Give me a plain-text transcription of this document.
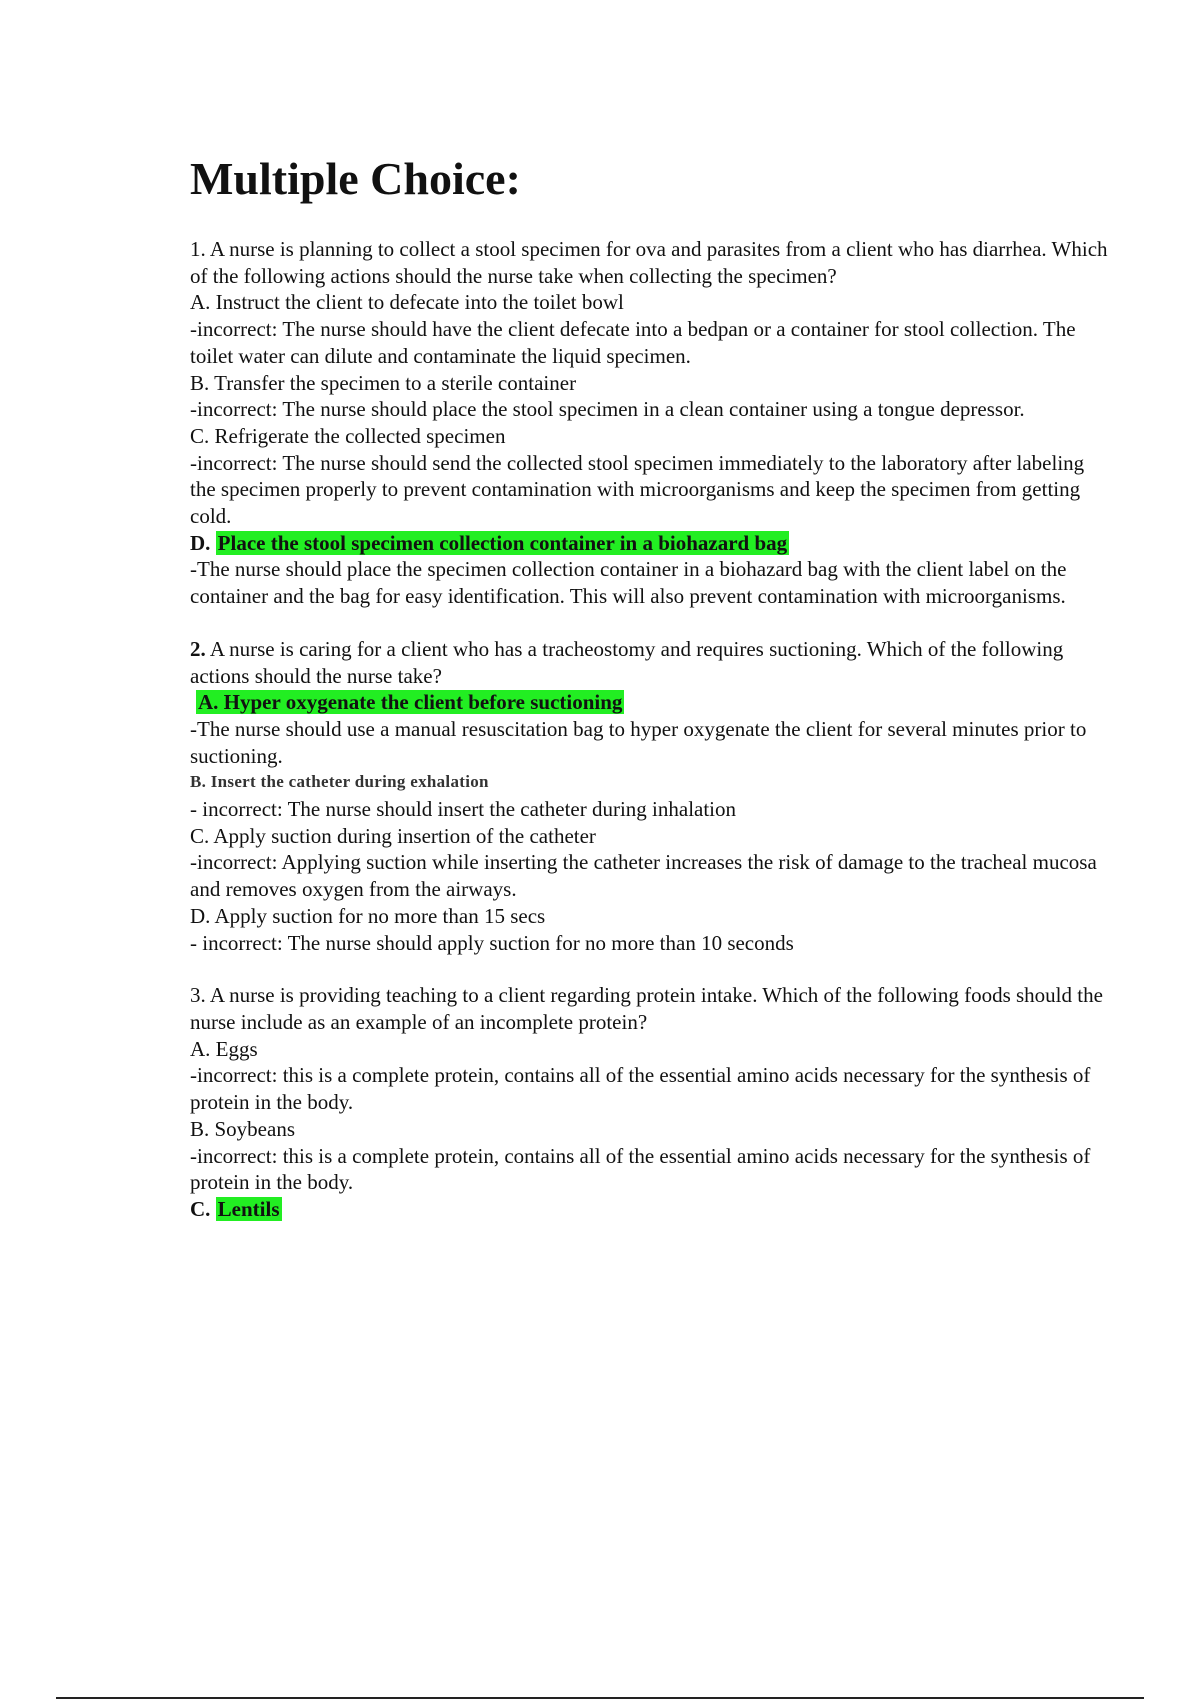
Multiple Choice:
1. A nurse is planning to collect a stool specimen for ova and parasites from a client who has diarrhea. Which of the following actions should the nurse take when collecting the specimen?
A. Instruct the client to defecate into the toilet bowl
-incorrect: The nurse should have the client defecate into a bedpan or a container for stool collection. The toilet water can dilute and contaminate the liquid specimen.
B. Transfer the specimen to a sterile container
-incorrect: The nurse should place the stool specimen in a clean container using a tongue depressor.
C. Refrigerate the collected specimen
-incorrect: The nurse should send the collected stool specimen immediately to the laboratory after labeling the specimen properly to prevent contamination with microorganisms and keep the specimen from getting cold.
D. Place the stool specimen collection container in a biohazard bag
-The nurse should place the specimen collection container in a biohazard bag with the client label on the container and the bag for easy identification. This will also prevent contamination with microorganisms.
2. A nurse is caring for a client who has a tracheostomy and requires suctioning. Which of the following actions should the nurse take?
A. Hyper oxygenate the client before suctioning
-The nurse should use a manual resuscitation bag to hyper oxygenate the client for several minutes prior to suctioning.
B. Insert the catheter during exhalation
- incorrect: The nurse should insert the catheter during inhalation
C. Apply suction during insertion of the catheter
-incorrect: Applying suction while inserting the catheter increases the risk of damage to the tracheal mucosa and removes oxygen from the airways.
D. Apply suction for no more than 15 secs
- incorrect: The nurse should apply suction for no more than 10 seconds
3. A nurse is providing teaching to a client regarding protein intake. Which of the following foods should the nurse include as an example of an incomplete protein?
A. Eggs
-incorrect: this is a complete protein, contains all of the essential amino acids necessary for the synthesis of protein in the body.
B. Soybeans
-incorrect: this is a complete protein, contains all of the essential amino acids necessary for the synthesis of protein in the body.
C. Lentils
